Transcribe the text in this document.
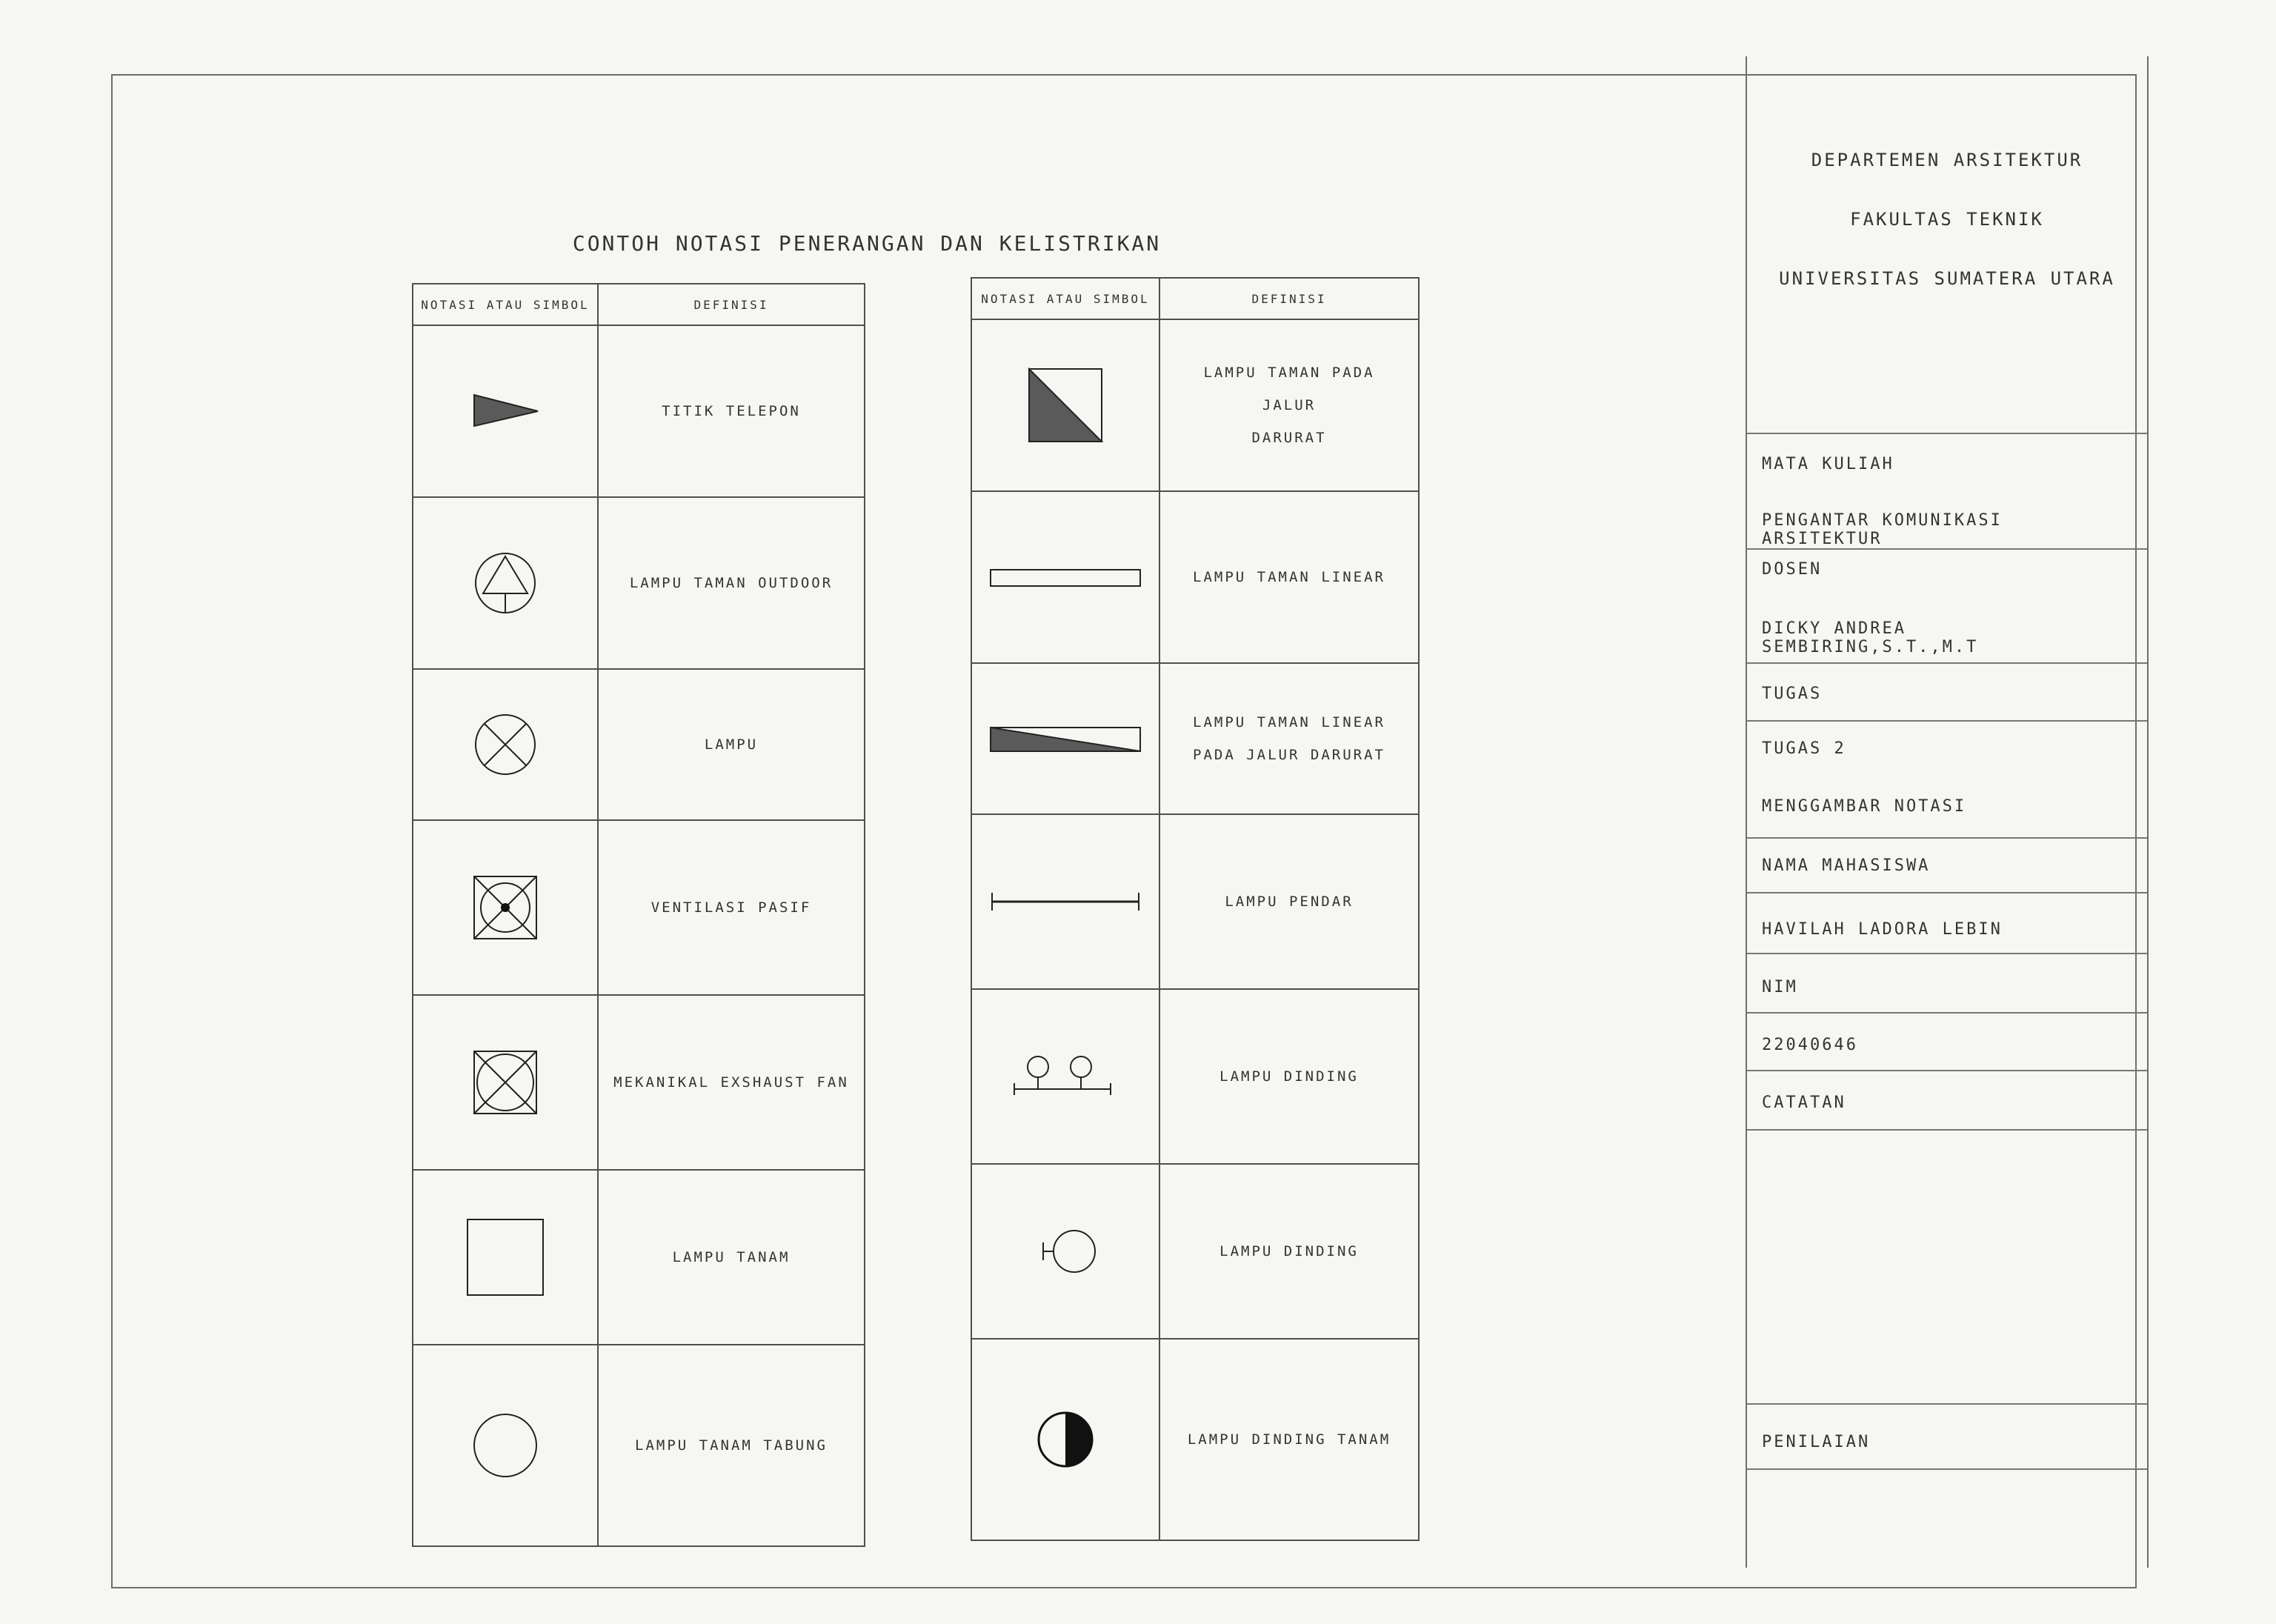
CONTOH NOTASI PENERANGAN DAN KELISTRIKAN
NOTASI ATAU SIMBOL	DEFINISI

	TITIK TELEPON

	LAMPU TAMAN OUTDOOR

	LAMPU

	VENTILASI PASIF

	MEKANIKAL EXSHAUST FAN

	LAMPU TANAM

	LAMPU TANAM TABUNG
NOTASI ATAU SIMBOL	DEFINISI

LAMPU TAMAN PADA JALUR
DARURAT

LAMPU TAMAN LINEAR

LAMPU TAMAN LINEAR
PADA JALUR DARURAT

LAMPU PENDAR

LAMPU DINDING

LAMPU DINDING

LAMPU DINDING TANAM
DEPARTEMEN ARSITEKTUR
FAKULTAS TEKNIK
UNIVERSITAS SUMATERA UTARA
MATA KULIAH
PENGANTAR KOMUNIKASI ARSITEKTUR
DOSEN
DICKY ANDREA SEMBIRING,S.T.,M.T
TUGAS
TUGAS 2
MENGGAMBAR NOTASI
NAMA MAHASISWA
HAVILAH LADORA LEBIN
NIM
22040646
CATATAN
PENILAIAN
